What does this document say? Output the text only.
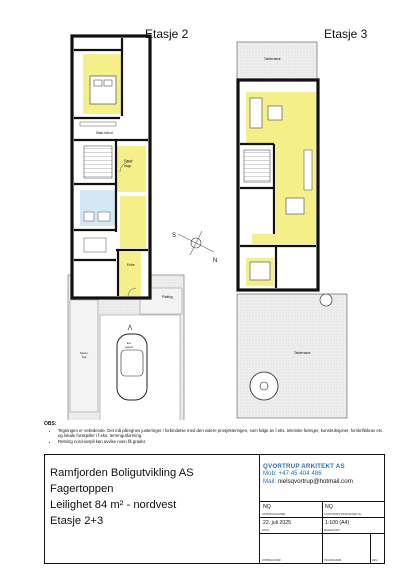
Walk-in/bod
Gang/
trapp
Entre
Platting
Sports-
bod
Evt.
carport
S
N
Takterrasse
Takterrasse
Etasje 2	Etasje 3
OBS:
• Tegningen er veiledende. Det må påregnes justeringer i forbindelse med den videre prosjekteringen, som følge av f.eks. tekniske føringer, konstruksjoner, forskriftskrav etc. og lokale forskjeller i f.eks. terrengutforming.
• Retning nord-sørpil kan avvike noen få grader.
Ramfjorden Boligutvikling AS
Fagertoppen
Leilighet 84 m² - nordvest
Etasje 2+3
QVORTRUP ARKITEKT AS
Mob: +47 45 404 486
Mail: nielsqvortrup@hotmail.com
NQ
OPPDRAGSLEDER
NQ
KONSTRUKSJONSTEGNET AV
22. juli 2025
DATO
1:100 (A4)
MÅLESTOKK
OPPDRAGSNR.	TEGNINGSNR.	REV.
